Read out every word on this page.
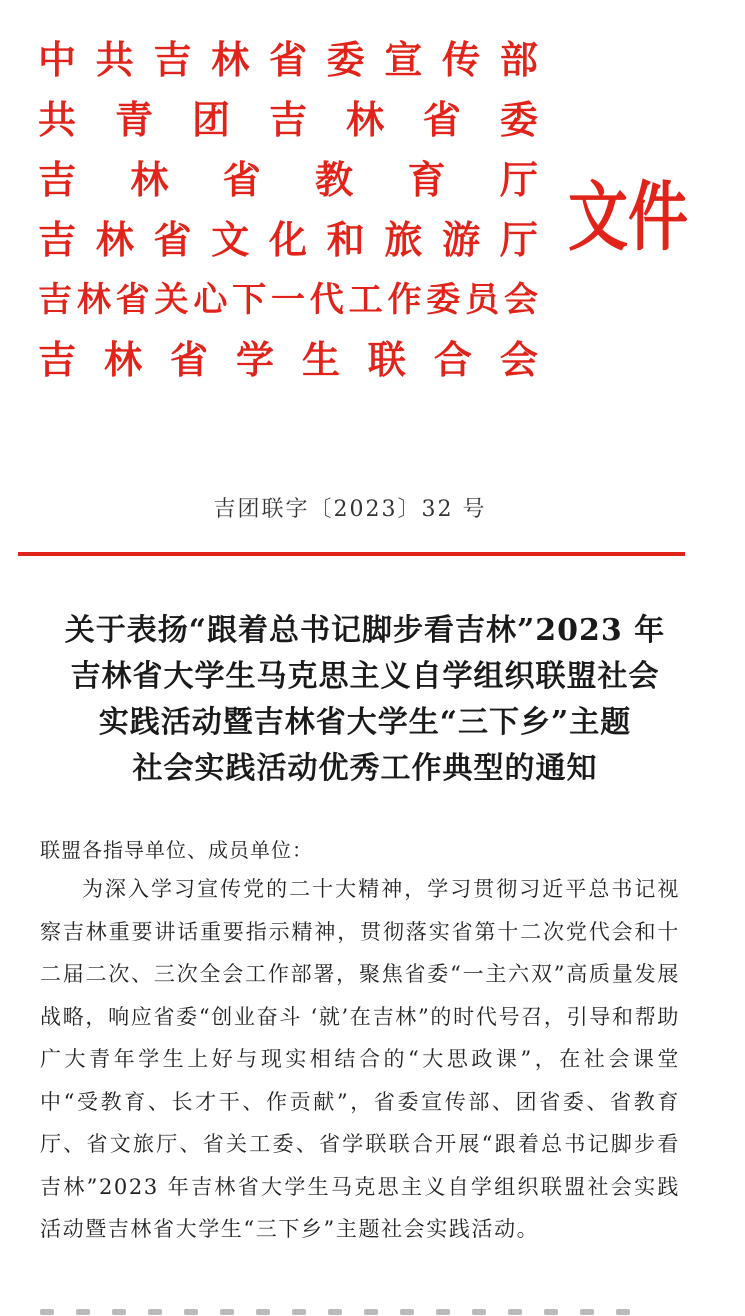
中 共 吉 林 省 委 宣 传 部
共 青 团 吉 林 省 委
吉 林 省 教 育 厅
吉 林 省 文 化 和 旅 游 厅
吉 林 省 关 心 下 一 代 工 作 委 员 会
吉 林 省 学 生 联 合 会
文件
吉团联字〔2023〕32 号
关于表扬“跟着总书记脚步看吉林”2023 年
吉林省大学生马克思主义自学组织联盟社会
实践活动暨吉林省大学生“三下乡”主题
社会实践活动优秀工作典型的通知
联盟各指导单位、成员单位：

为深入学习宣传党的二十大精神，学习贯彻习近平总书记视察吉林重要讲话重要指示精神，贯彻落实省第十二次党代会和十二届二次、三次全会工作部署，聚焦省委“一主六双”高质量发展战略，响应省委“创业奋斗 ‘就’在吉林”的时代号召，引导和帮助广大青年学生上好与现实相结合的“大思政课”，在社会课堂中“受教育、长才干、作贡献”，省委宣传部、团省委、省教育厅、省文旅厅、省关工委、省学联联合开展“跟着总书记脚步看吉林”2023 年吉林省大学生马克思主义自学组织联盟社会实践活动暨吉林省大学生“三下乡”主题社会实践活动。
